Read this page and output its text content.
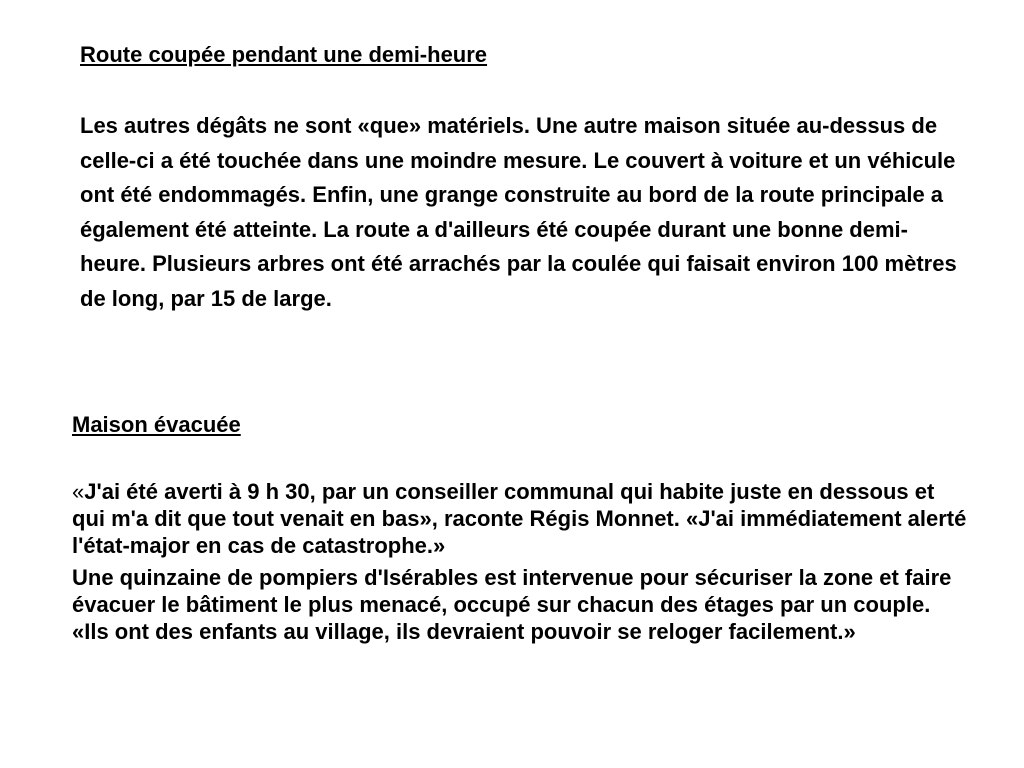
Route coupée pendant une demi-heure

Les autres dégâts ne sont «que» matériels. Une autre maison située au-dessus de celle-ci a été touchée dans une moindre mesure. Le couvert à voiture et un véhicule ont été endommagés. Enfin, une grange construite au bord de la route principale a également été atteinte. La route a d'ailleurs été coupée durant une bonne demi-heure. Plusieurs arbres ont été arrachés par la coulée qui faisait environ 100 mètres de long, par 15 de large.

Maison évacuée

«J'ai été averti à 9 h 30, par un conseiller communal qui habite juste en dessous et qui m'a dit que tout venait en bas», raconte Régis Monnet. «J'ai immédiatement alerté l'état-major en cas de catastrophe.»

Une quinzaine de pompiers d'Isérables est intervenue pour sécuriser la zone et faire évacuer le bâtiment le plus menacé, occupé sur chacun des étages par un couple. «Ils ont des enfants au village, ils devraient pouvoir se reloger facilement.»
